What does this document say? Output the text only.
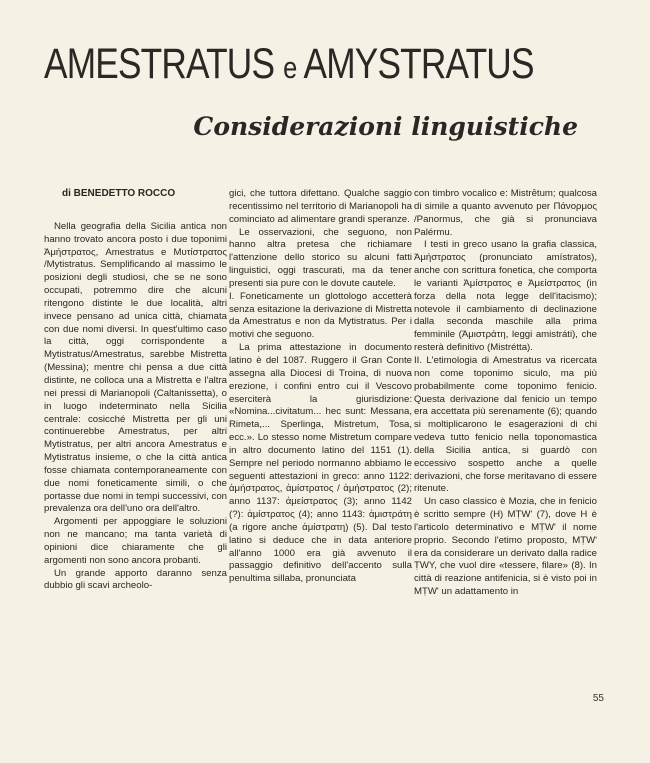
AMESTRATUS e AMYSTRATUS
Considerazioni linguistiche
di BENEDETTO ROCCO

Nella geografia della Sicilia antica non hanno trovato ancora posto i due toponimi Ἀμήστρατος, Amestratus e Μυτίστρατος /Mytistratus. Semplificando al massimo le posizioni degli studiosi, che se ne sono occupati, potremmo dire che alcuni ritengono distinte le due località, altri invece pensano ad unica città, chiamata con due nomi diversi. In quest'ultimo caso la città, oggi corrispondente a Mytistratus/Amestratus, sarebbe Mistretta (Messina); mentre chi pensa a due città distinte, ne colloca una a Mistretta e l'altra nei pressi di Marianopoli (Caltanissetta), o in luogo indeterminato nella Sicilia centrale: cosicché Mistretta per gli uni continuerebbe Amestratus, per altri Mytistratus, per altri ancora Amestratus e Mytistratus insieme, o che la città antica fosse chiamata contemporaneamente con due nomi foneticamente simili, o che portasse due nomi in tempi successivi, con prevalenza ora dell'uno ora dell'altro.

Argomenti per appoggiare le soluzioni non ne mancano; ma tanta varietà di opinioni dice chiaramente che gli argomenti non sono ancora probanti.

Un grande apporto daranno senza dubbio gli scavi archeolo-

gici, che tuttora difettano. Qualche saggio recentissimo nel territorio di Marianopoli ha cominciato ad alimentare grandi speranze.

Le osservazioni, che seguono, non hanno altra pretesa che richiamare l'attenzione dello storico su alcuni fatti linguistici, oggi trascurati, ma da tener presenti sia pure con le dovute cautele.

I. Foneticamente un glottologo accetterà senza esitazione la derivazione di Mistretta da Amestratus e non da Mytistratus. Per i motivi che seguono.

La prima attestazione in documento latino è del 1087. Ruggero il Gran Conte assegna alla Diocesi di Troina, di nuova erezione, i confini entro cui il Vescovo eserciterà la giurisdizione: «Nomina...civitatum... hec sunt: Messana, Rimeta,... Sperlinga, Mistretum, Tosa, ecc.». Lo stesso nome Mistretum compare in altro documento latino del 1151 (1). Sempre nel periodo normanno abbiamo le seguenti attestazioni in greco: anno 1122: ἀμήστρατος, ἀμίστρατος / ἀμήστρατος (2); anno 1137: ἀμείστρατος (3); anno 1142 (?): ἀμίστρατος (4); anno 1143: ἀμιστράτη (a rigore anche ἀμίστρατη) (5). Dal testo latino si deduce che in data anteriore all'anno 1000 era già avvenuto il passaggio definitivo dell'accento sulla penultima sillaba, pronunciata

con timbro vocalico e: Mistrētum; qualcosa di simile a quanto avvenuto per Πάνορμος /Panormus, che già si pronunciava Palérmu.

I testi in greco usano la grafia classica, Ἀμήστρατος (pronunciato amístratos), anche con scrittura fonetica, che comporta le varianti Ἀμίστρατος e Ἀμείστρατος (in forza della nota legge dell'itacismo); notevole il cambiamento di declinazione dalla seconda maschile alla prima femminile (Ἀμιστράτη, leggi amistráti), che resterà definitivo (Mistrétta).

II. L'etimologia di Amestratus va ricercata non come toponimo siculo, ma più probabilmente come toponimo fenicio. Questa derivazione dal fenicio un tempo era accettata più serenamente (6); quando si moltiplicarono le esagerazioni di chi vedeva tutto fenicio nella toponomastica della Sicilia antica, si guardò con eccessivo sospetto anche a quelle derivazioni, che forse meritavano di essere ritenute.

Un caso classico è Mozia, che in fenicio è scritto sempre (H) MṬW' (7), dove H è l'articolo determinativo e MṬW' il nome proprio. Secondo l'etimo proposto, MṬW' era da considerare un derivato dalla radice ṬWY, che vuol dire «tessere, filare» (8). In città di reazione antifenicia, si è visto poi in MṬW' un adattamento in

55
